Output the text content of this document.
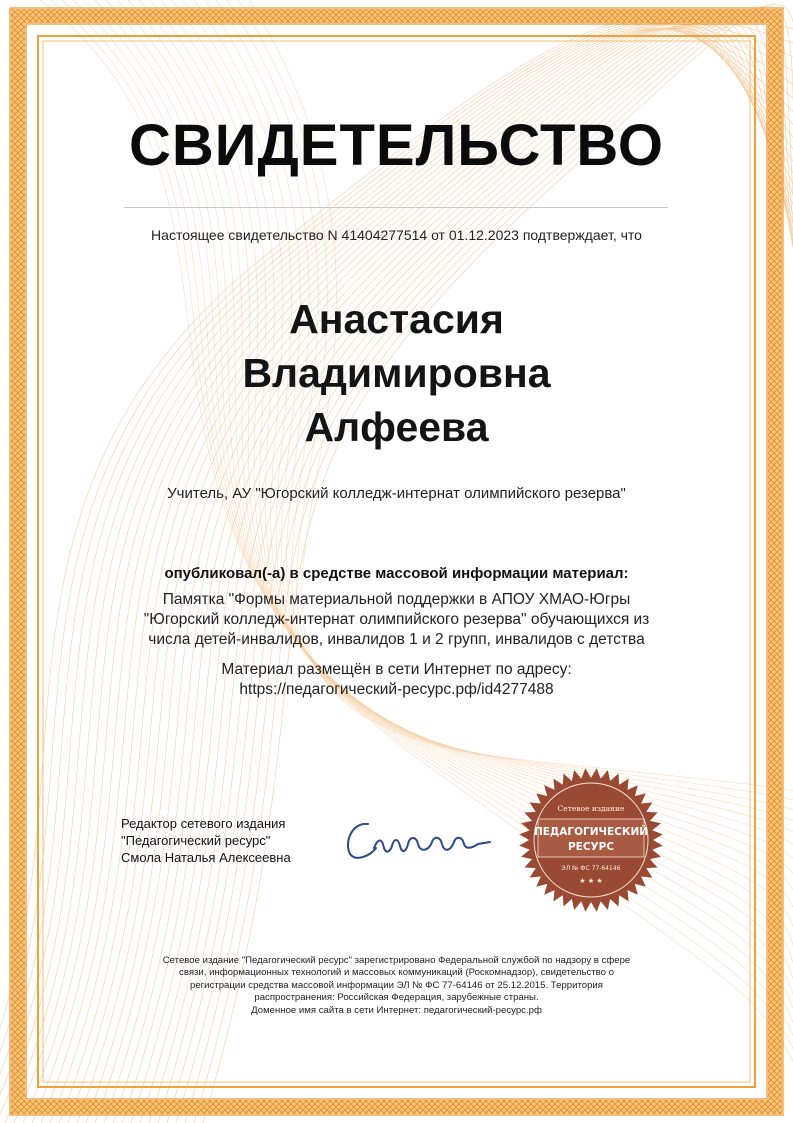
СВИДЕТЕЛЬСТВО
Настоящее свидетельство N 41404277514 от 01.12.2023 подтверждает, что
Анастасия
Владимировна
Алфеева
Учитель, АУ "Югорский колледж-интернат олимпийского резерва"
опубликовал(-а) в средстве массовой информации материал:
Памятка "Формы материальной поддержки в АПОУ ХМАО-Югры
"Югорский колледж-интернат олимпийского резерва" обучающихся из
числа детей-инвалидов, инвалидов 1 и 2 групп, инвалидов с детства
Материал размещён в сети Интернет по адресу:
https://педагогический-ресурс.рф/id4277488
Редактор сетевого издания
"Педагогический ресурс"
Смола Наталья Алексеевна
Сетевое издание
ПЕДАГОГИЧЕСКИЙ
РЕСУРС
ЭЛ № ФС 77-64146
★ ★ ★
Сетевое издание "Педагогический ресурс" зарегистрировано Федеральной службой по надзору в сфере
связи, информационных технологий и массовых коммуникаций (Роскомнадзор), свидетельство о
регистрации средства массовой информации ЭЛ № ФС 77-64146 от 25.12.2015. Территория
распространения: Российская Федерация, зарубежные страны.
Доменное имя сайта в сети Интернет: педагогический-ресурс.рф
